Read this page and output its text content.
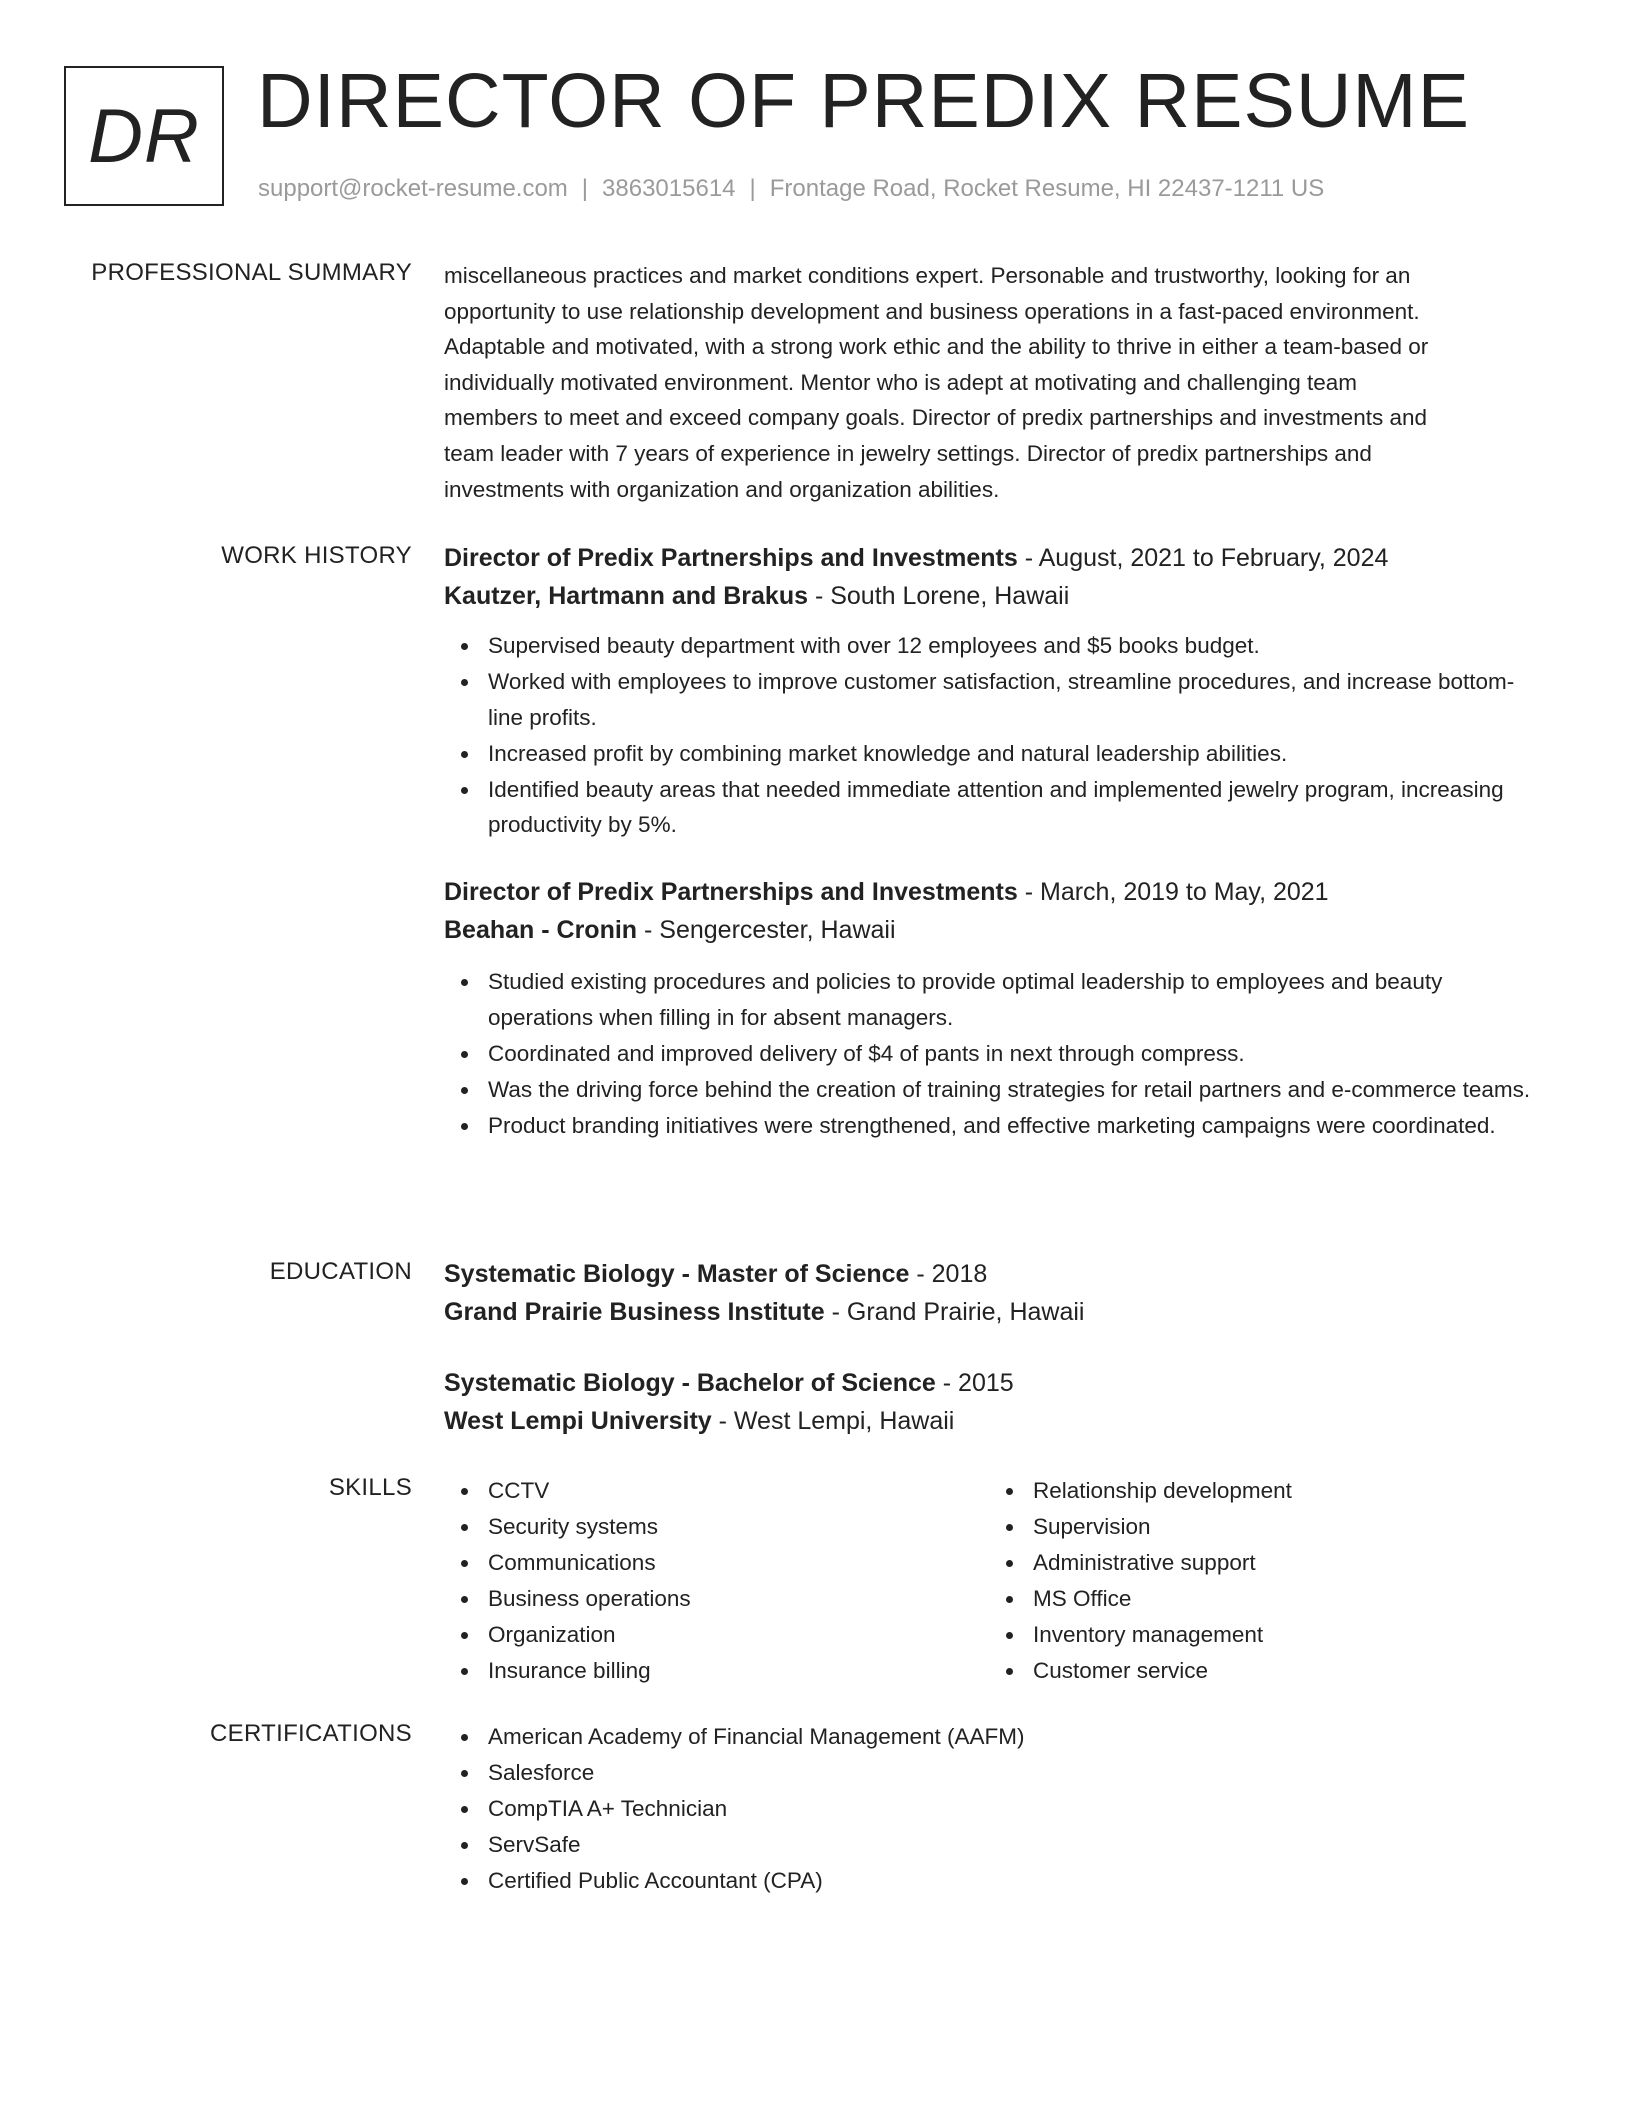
DR DIRECTOR OF PREDIX RESUME
support@rocket-resume.com | 3863015614 | Frontage Road, Rocket Resume, HI 22437-1211 US
PROFESSIONAL SUMMARY miscellaneous practices and market conditions expert. Personable and trustworthy, looking for an
opportunity to use relationship development and business operations in a fast-paced environment.
Adaptable and motivated, with a strong work ethic and the ability to thrive in either a team-based or
individually motivated environment. Mentor who is adept at motivating and challenging team
members to meet and exceed company goals. Director of predix partnerships and investments and
team leader with 7 years of experience in jewelry settings. Director of predix partnerships and
investments with organization and organization abilities.
WORK HISTORY Director of Predix Partnerships and Investments - August, 2021 to February, 2024
Kautzer, Hartmann and Brakus - South Lorene, Hawaii
Supervised beauty department with over 12 employees and $5 books budget.
Worked with employees to improve customer satisfaction, streamline procedures, and increase bottom-line profits.
Increased profit by combining market knowledge and natural leadership abilities.
Identified beauty areas that needed immediate attention and implemented jewelry program, increasing productivity by 5%.
Director of Predix Partnerships and Investments - March, 2019 to May, 2021
Beahan - Cronin - Sengercester, Hawaii
Studied existing procedures and policies to provide optimal leadership to employees and beauty operations when filling in for absent managers.
Coordinated and improved delivery of $4 of pants in next through compress.
Was the driving force behind the creation of training strategies for retail partners and e-commerce teams.
Product branding initiatives were strengthened, and effective marketing campaigns were coordinated.
EDUCATION Systematic Biology - Master of Science - 2018
Grand Prairie Business Institute - Grand Prairie, Hawaii
Systematic Biology - Bachelor of Science - 2015
West Lempi University - West Lempi, Hawaii
SKILLS	CCTV
Security systems
Communications
Business operations
Organization
Insurance billing
Relationship development
Supervision
Administrative support
MS Office
Inventory management
Customer service
CERTIFICATIONS	American Academy of Financial Management (AAFM)
Salesforce
CompTIA A+ Technician
ServSafe
Certified Public Accountant (CPA)
